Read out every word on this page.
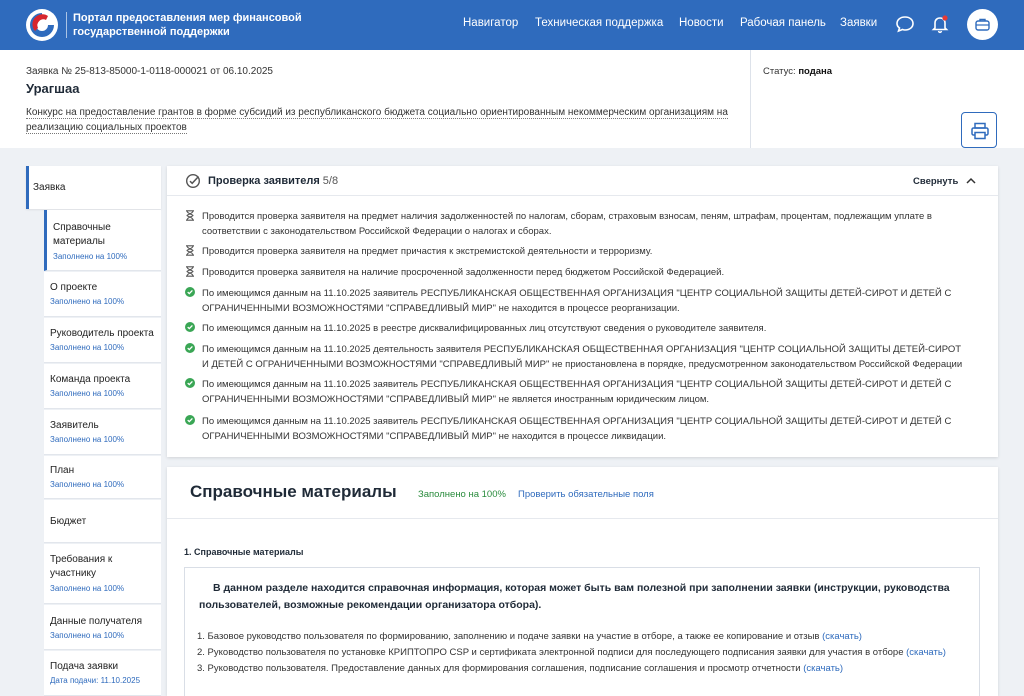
Портал предоставления мер финансовой государственной поддержки
Навигатор Техническая поддержка Новости Рабочая панель Заявки
Заявка № 25-813-85000-1-0118-000021 от 06.10.2025
Урагшаа
Конкурс на предоставление грантов в форме субсидий из республиканского бюджета социально ориентированным некоммерческим организациям на реализацию социальных проектов
Статус: подана
Заявка
Справочные материалы
Заполнено на 100%
О проекте
Заполнено на 100%
Руководитель проекта
Заполнено на 100%
Команда проекта
Заполнено на 100%
Заявитель
Заполнено на 100%
План
Заполнено на 100%
Бюджет
Требования к участнику
Заполнено на 100%
Данные получателя
Заполнено на 100%
Подача заявки
Дата подачи: 11.10.2025
Проверка заявителя 5/8	Свернуть
Проводится проверка заявителя на предмет наличия задолженностей по налогам, сборам, страховым взносам, пеням, штрафам, процентам, подлежащим уплате в соответствии с законодательством Российской Федерации о налогах и сборах.
Проводится проверка заявителя на предмет причастия к экстремистской деятельности и терроризму.
Проводится проверка заявителя на наличие просроченной задолженности перед бюджетом Российской Федерацией.
По имеющимся данным на 11.10.2025 заявитель РЕСПУБЛИКАНСКАЯ ОБЩЕСТВЕННАЯ ОРГАНИЗАЦИЯ "ЦЕНТР СОЦИАЛЬНОЙ ЗАЩИТЫ ДЕТЕЙ-СИРОТ И ДЕТЕЙ С ОГРАНИЧЕННЫМИ ВОЗМОЖНОСТЯМИ "СПРАВЕДЛИВЫЙ МИР" не находится в процессе реорганизации.
По имеющимся данным на 11.10.2025 в реестре дисквалифицированных лиц отсутствуют сведения о руководителе заявителя.
По имеющимся данным на 11.10.2025 деятельность заявителя РЕСПУБЛИКАНСКАЯ ОБЩЕСТВЕННАЯ ОРГАНИЗАЦИЯ "ЦЕНТР СОЦИАЛЬНОЙ ЗАЩИТЫ ДЕТЕЙ-СИРОТ И ДЕТЕЙ С ОГРАНИЧЕННЫМИ ВОЗМОЖНОСТЯМИ "СПРАВЕДЛИВЫЙ МИР" не приостановлена в порядке, предусмотренном законодательством Российской Федерации
По имеющимся данным на 11.10.2025 заявитель РЕСПУБЛИКАНСКАЯ ОБЩЕСТВЕННАЯ ОРГАНИЗАЦИЯ "ЦЕНТР СОЦИАЛЬНОЙ ЗАЩИТЫ ДЕТЕЙ-СИРОТ И ДЕТЕЙ С ОГРАНИЧЕННЫМИ ВОЗМОЖНОСТЯМИ "СПРАВЕДЛИВЫЙ МИР" не является иностранным юридическим лицом.
По имеющимся данным на 11.10.2025 заявитель РЕСПУБЛИКАНСКАЯ ОБЩЕСТВЕННАЯ ОРГАНИЗАЦИЯ "ЦЕНТР СОЦИАЛЬНОЙ ЗАЩИТЫ ДЕТЕЙ-СИРОТ И ДЕТЕЙ С ОГРАНИЧЕННЫМИ ВОЗМОЖНОСТЯМИ "СПРАВЕДЛИВЫЙ МИР" не находится в процессе ликвидации.
Справочные материалы Заполнено на 100% Проверить обязательные поля
1. Справочные материалы
В данном разделе находится справочная информация, которая может быть вам полезной при заполнении заявки (инструкции, руководства пользователей, возможные рекомендации организатора отбора).
1. Базовое руководство пользователя по формированию, заполнению и подаче заявки на участие в отборе, а также ее копирование и отзыв (скачать)
2. Руководство пользователя по установке КРИПТОПРО CSP и сертификата электронной подписи для последующего подписания заявки для участия в отборе (скачать)
3. Руководство пользователя. Предоставление данных для формирования соглашения, подписание соглашения и просмотр отчетности (скачать)
